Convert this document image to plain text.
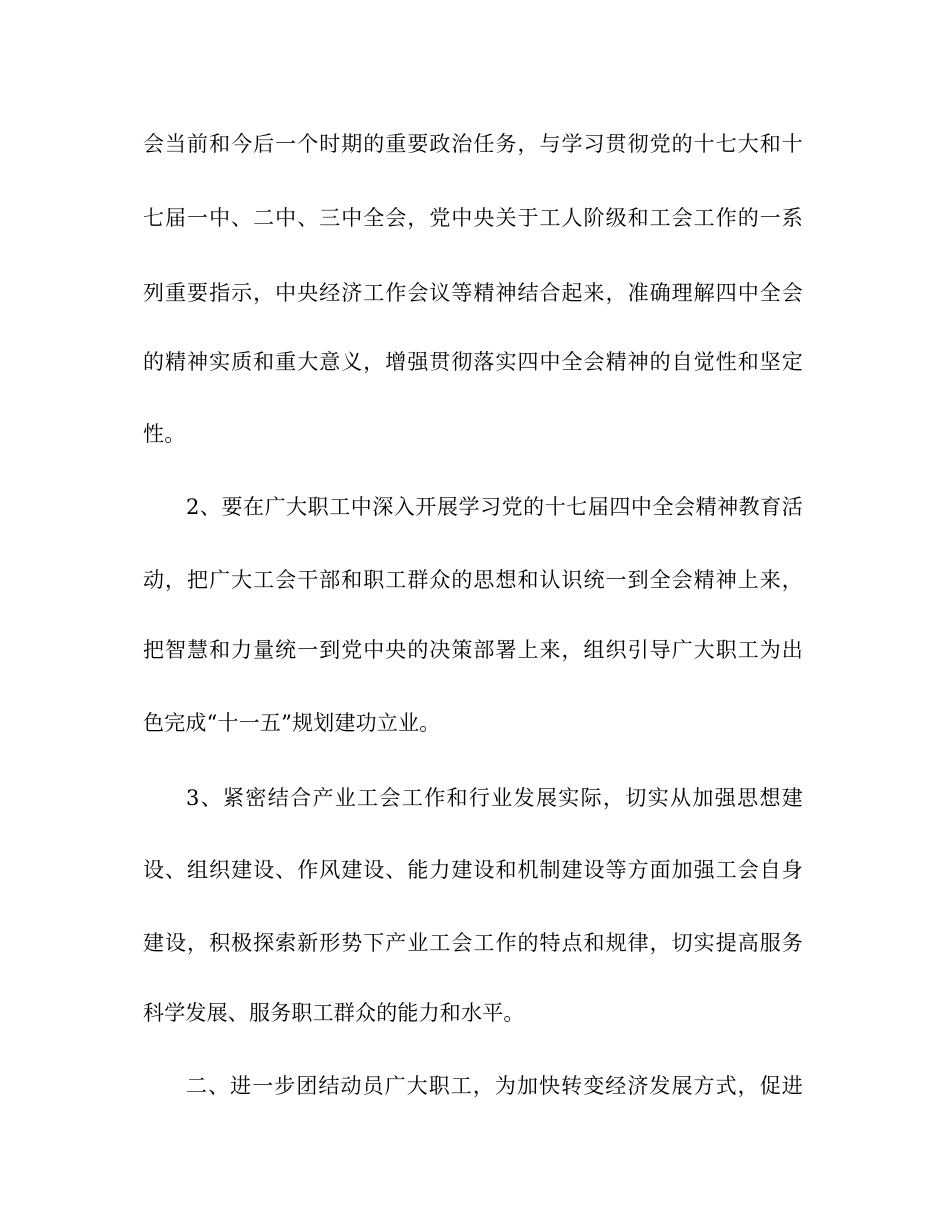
会当前和今后一个时期的重要政治任务，与学习贯彻党的十七大和十
七届一中、二中、三中全会，党中央关于工人阶级和工会工作的一系
列重要指示，中央经济工作会议等精神结合起来，准确理解四中全会
的精神实质和重大意义，增强贯彻落实四中全会精神的自觉性和坚定
性。
2、要在广大职工中深入开展学习党的十七届四中全会精神教育活
动，把广大工会干部和职工群众的思想和认识统一到全会精神上来，
把智慧和力量统一到党中央的决策部署上来，组织引导广大职工为出
色完成“十一五”规划建功立业。
3、紧密结合产业工会工作和行业发展实际，切实从加强思想建
设、组织建设、作风建设、能力建设和机制建设等方面加强工会自身
建设，积极探索新形势下产业工会工作的特点和规律，切实提高服务
科学发展、服务职工群众的能力和水平。
二、进一步团结动员广大职工，为加快转变经济发展方式，促进
